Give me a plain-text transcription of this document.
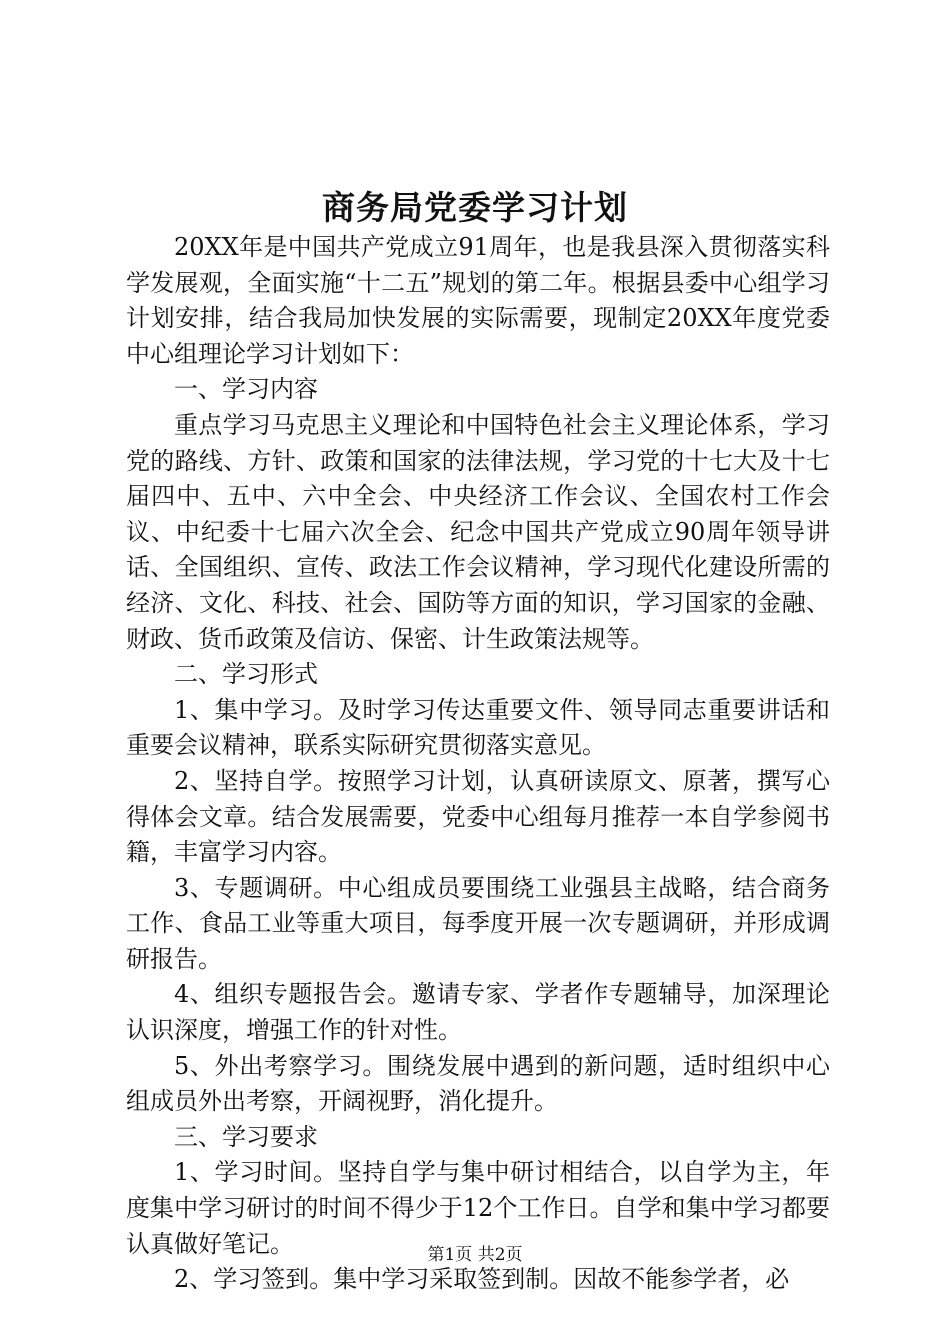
商务局党委学习计划

20XX年是中国共产党成立91周年，也是我县深入贯彻落实科学发展观，全面实施“十二五”规划的第二年。根据县委中心组学习计划安排，结合我局加快发展的实际需要，现制定20XX年度党委中心组理论学习计划如下：

一、学习内容

重点学习马克思主义理论和中国特色社会主义理论体系，学习党的路线、方针、政策和国家的法律法规，学习党的十七大及十七届四中、五中、六中全会、中央经济工作会议、全国农村工作会议、中纪委十七届六次全会、纪念中国共产党成立90周年领导讲话、全国组织、宣传、政法工作会议精神，学习现代化建设所需的经济、文化、科技、社会、国防等方面的知识，学习国家的金融、财政、货币政策及信访、保密、计生政策法规等。

二、学习形式

1、集中学习。及时学习传达重要文件、领导同志重要讲话和重要会议精神，联系实际研究贯彻落实意见。

2、坚持自学。按照学习计划，认真研读原文、原著，撰写心得体会文章。结合发展需要，党委中心组每月推荐一本自学参阅书籍，丰富学习内容。

3、专题调研。中心组成员要围绕工业强县主战略，结合商务工作、食品工业等重大项目，每季度开展一次专题调研，并形成调研报告。

4、组织专题报告会。邀请专家、学者作专题辅导，加深理论认识深度，增强工作的针对性。

5、外出考察学习。围绕发展中遇到的新问题，适时组织中心组成员外出考察，开阔视野，消化提升。

三、学习要求

1、学习时间。坚持自学与集中研讨相结合，以自学为主，年度集中学习研讨的时间不得少于12个工作日。自学和集中学习都要认真做好笔记。

2、学习签到。集中学习采取签到制。因故不能参学者，必

第1页 共2页
